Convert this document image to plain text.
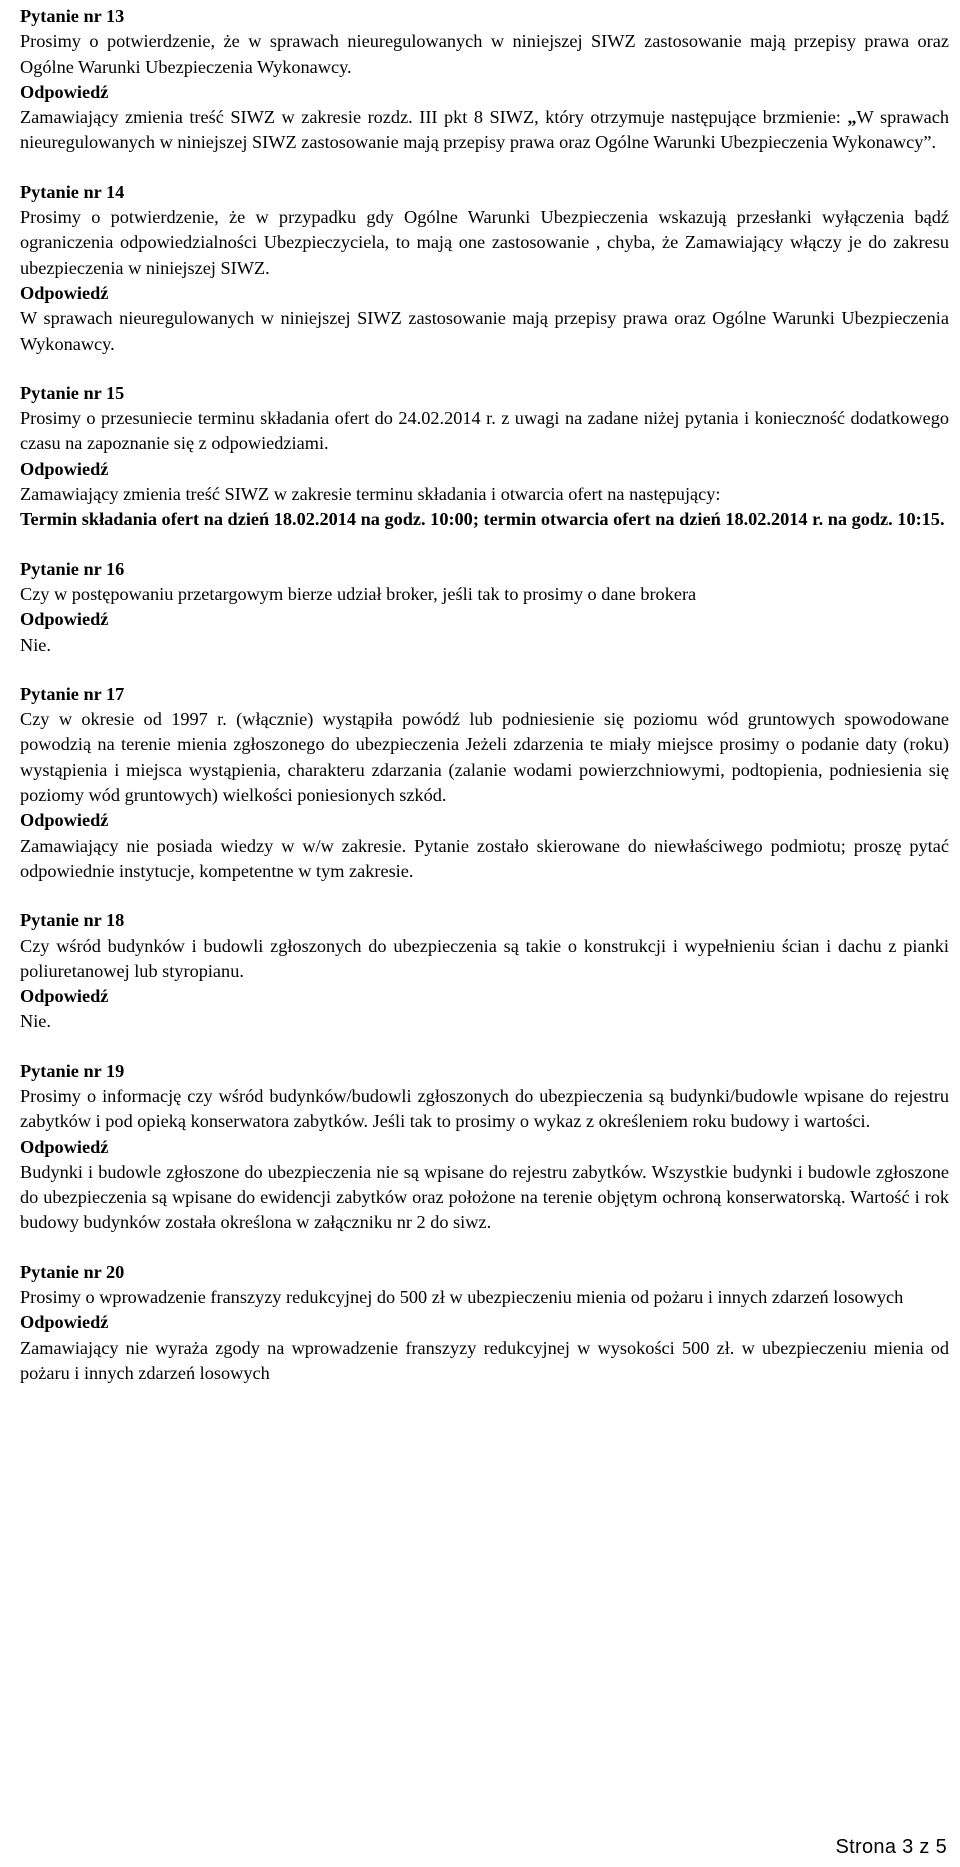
Pytanie nr 13

Prosimy o potwierdzenie, że w sprawach nieuregulowanych w niniejszej SIWZ zastosowanie mają przepisy prawa oraz Ogólne Warunki Ubezpieczenia Wykonawcy.

Odpowiedź

Zamawiający zmienia treść SIWZ w zakresie rozdz. III pkt 8 SIWZ, który otrzymuje następujące brzmienie: „W sprawach nieuregulowanych w niniejszej SIWZ zastosowanie mają przepisy prawa oraz Ogólne Warunki Ubezpieczenia Wykonawcy”.

Pytanie nr 14

Prosimy o potwierdzenie, że w przypadku gdy Ogólne Warunki Ubezpieczenia wskazują przesłanki wyłączenia bądź ograniczenia odpowiedzialności Ubezpieczyciela, to mają one zastosowanie , chyba, że Zamawiający włączy je do zakresu ubezpieczenia w niniejszej SIWZ.

Odpowiedź

W sprawach nieuregulowanych w niniejszej SIWZ zastosowanie mają przepisy prawa oraz Ogólne Warunki Ubezpieczenia Wykonawcy.

Pytanie nr 15

Prosimy o przesuniecie terminu składania ofert do 24.02.2014 r. z uwagi na zadane niżej pytania i konieczność dodatkowego czasu na zapoznanie się z odpowiedziami.

Odpowiedź

Zamawiający zmienia treść SIWZ w zakresie terminu składania i otwarcia ofert na następujący:

Termin składania ofert na dzień 18.02.2014 na godz. 10:00; termin otwarcia ofert na dzień 18.02.2014 r. na godz. 10:15.

Pytanie nr 16

Czy w postępowaniu przetargowym bierze udział broker, jeśli tak to prosimy o dane brokera

Odpowiedź

Nie.

Pytanie nr 17

Czy w okresie od 1997 r. (włącznie) wystąpiła powódź lub podniesienie się poziomu wód gruntowych spowodowane powodzią na terenie mienia zgłoszonego do ubezpieczenia Jeżeli zdarzenia te miały miejsce prosimy o podanie daty (roku) wystąpienia i miejsca wystąpienia, charakteru zdarzania (zalanie wodami powierzchniowymi, podtopienia, podniesienia się poziomy wód gruntowych) wielkości poniesionych szkód.

Odpowiedź

Zamawiający nie posiada wiedzy w w/w zakresie. Pytanie zostało skierowane do niewłaściwego podmiotu; proszę pytać odpowiednie instytucje, kompetentne w tym zakresie.

Pytanie nr 18

Czy wśród budynków i budowli zgłoszonych do ubezpieczenia są takie o konstrukcji i wypełnieniu ścian i dachu z pianki poliuretanowej lub styropianu.

Odpowiedź

Nie.

Pytanie nr 19

Prosimy o informację czy wśród budynków/budowli zgłoszonych do ubezpieczenia są budynki/budowle wpisane do rejestru zabytków i pod opieką konserwatora zabytków. Jeśli tak to prosimy o wykaz z określeniem roku budowy i wartości.

Odpowiedź

Budynki i budowle zgłoszone do ubezpieczenia nie są wpisane do rejestru zabytków. Wszystkie budynki i budowle zgłoszone do ubezpieczenia są wpisane do ewidencji zabytków oraz położone na terenie objętym ochroną konserwatorską. Wartość i rok budowy budynków została określona w załączniku nr 2 do siwz.

Pytanie nr 20

Prosimy o wprowadzenie franszyzy redukcyjnej do 500 zł w ubezpieczeniu mienia od pożaru i innych zdarzeń losowych

Odpowiedź

Zamawiający nie wyraża zgody na wprowadzenie franszyzy redukcyjnej w wysokości 500 zł. w ubezpieczeniu mienia od pożaru i innych zdarzeń losowych

Strona 3 z 5
